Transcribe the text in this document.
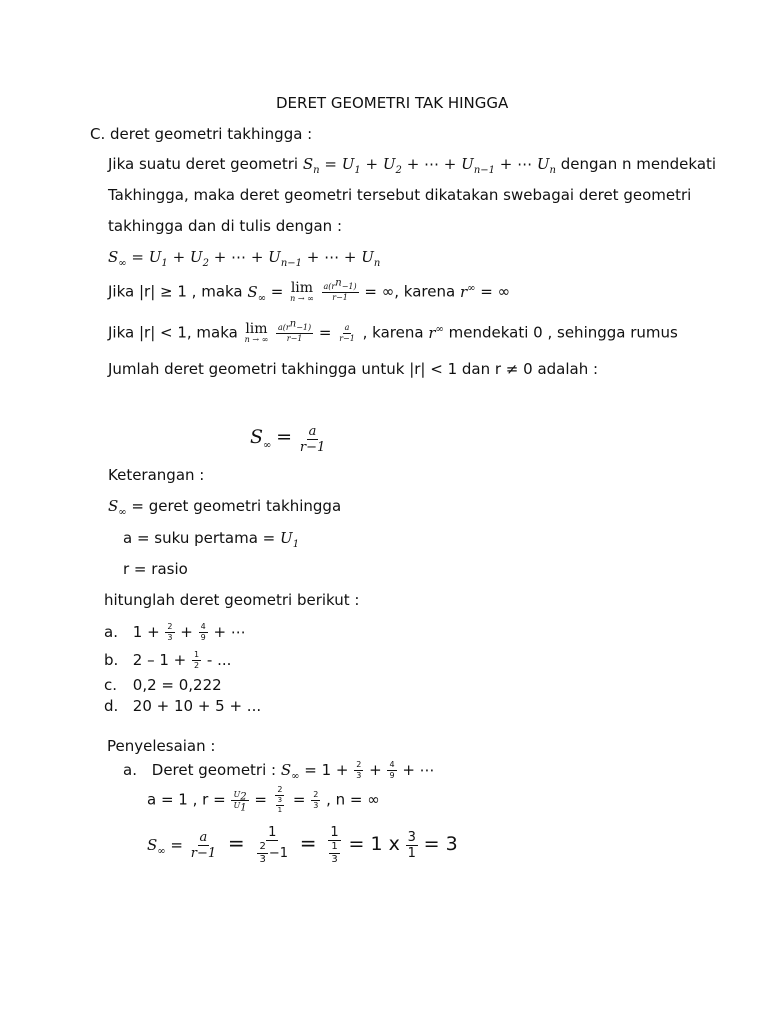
DERET GEOMETRI TAK HINGGA
C. deret geometri takhingga :
Jika suatu deret geometri $S_n = U_1 + U_2$ + ⋯ + $U_{n-1}$ + ⋯ $U_n$ dengan n mendekati
Takhingga, maka deret geometri tersebut dikatakan swebagai deret geometri
takhingga dan di tulis dengan :
$S_\infty = U_1 + U_2$ + ⋯ + $U_{n-1}$ + ⋯ + $U_n$
Jika |r| ≥ 1 , maka $S_\infty = \lim$
n → ∞
$\frac{a(r^n-1)}{r-1}$ = ∞, karena r∞ = ∞
Jika |r| < 1, maka lim
n → ∞
$\frac{a(r^n-1)}{r-1} = \frac{a}{r-1}$ , karena r∞ mendekati 0 , sehingga rumus
Jumlah deret geometri takhingga untuk |r| < 1 dan r ≠ 0 adalah :
$S_\infty = \frac{a}{r-1}$
Keterangan :
$S_\infty$ = geret geometri takhingga
a = suku pertama = $U_1$
r = rasio
hitunglah deret geometri berikut :
a. $1 + \frac{2}{3} + \frac{4}{9}$ + ⋯
b. $2 - 1 + \frac{1}{2}$ - ...
c. 0,2 = 0,222
d. 20 + 10 + 5 + ...
Penyelesaian :
a. Deret geometri : $S_\infty = 1 + \frac{2}{3} + \frac{4}{9}$ + ⋯
a = 1 , $r = \frac{U_2}{U_1} = \frac{2}{\frac{3}{1}} = \frac{2}{3}$ , n = ∞
$S_\infty = \frac{a}{r-1} = \frac{1}{\frac{2}{3} -1} = \frac{1}{\frac{1}{3}} = 1$ x $\frac{3}{1} = 3$
